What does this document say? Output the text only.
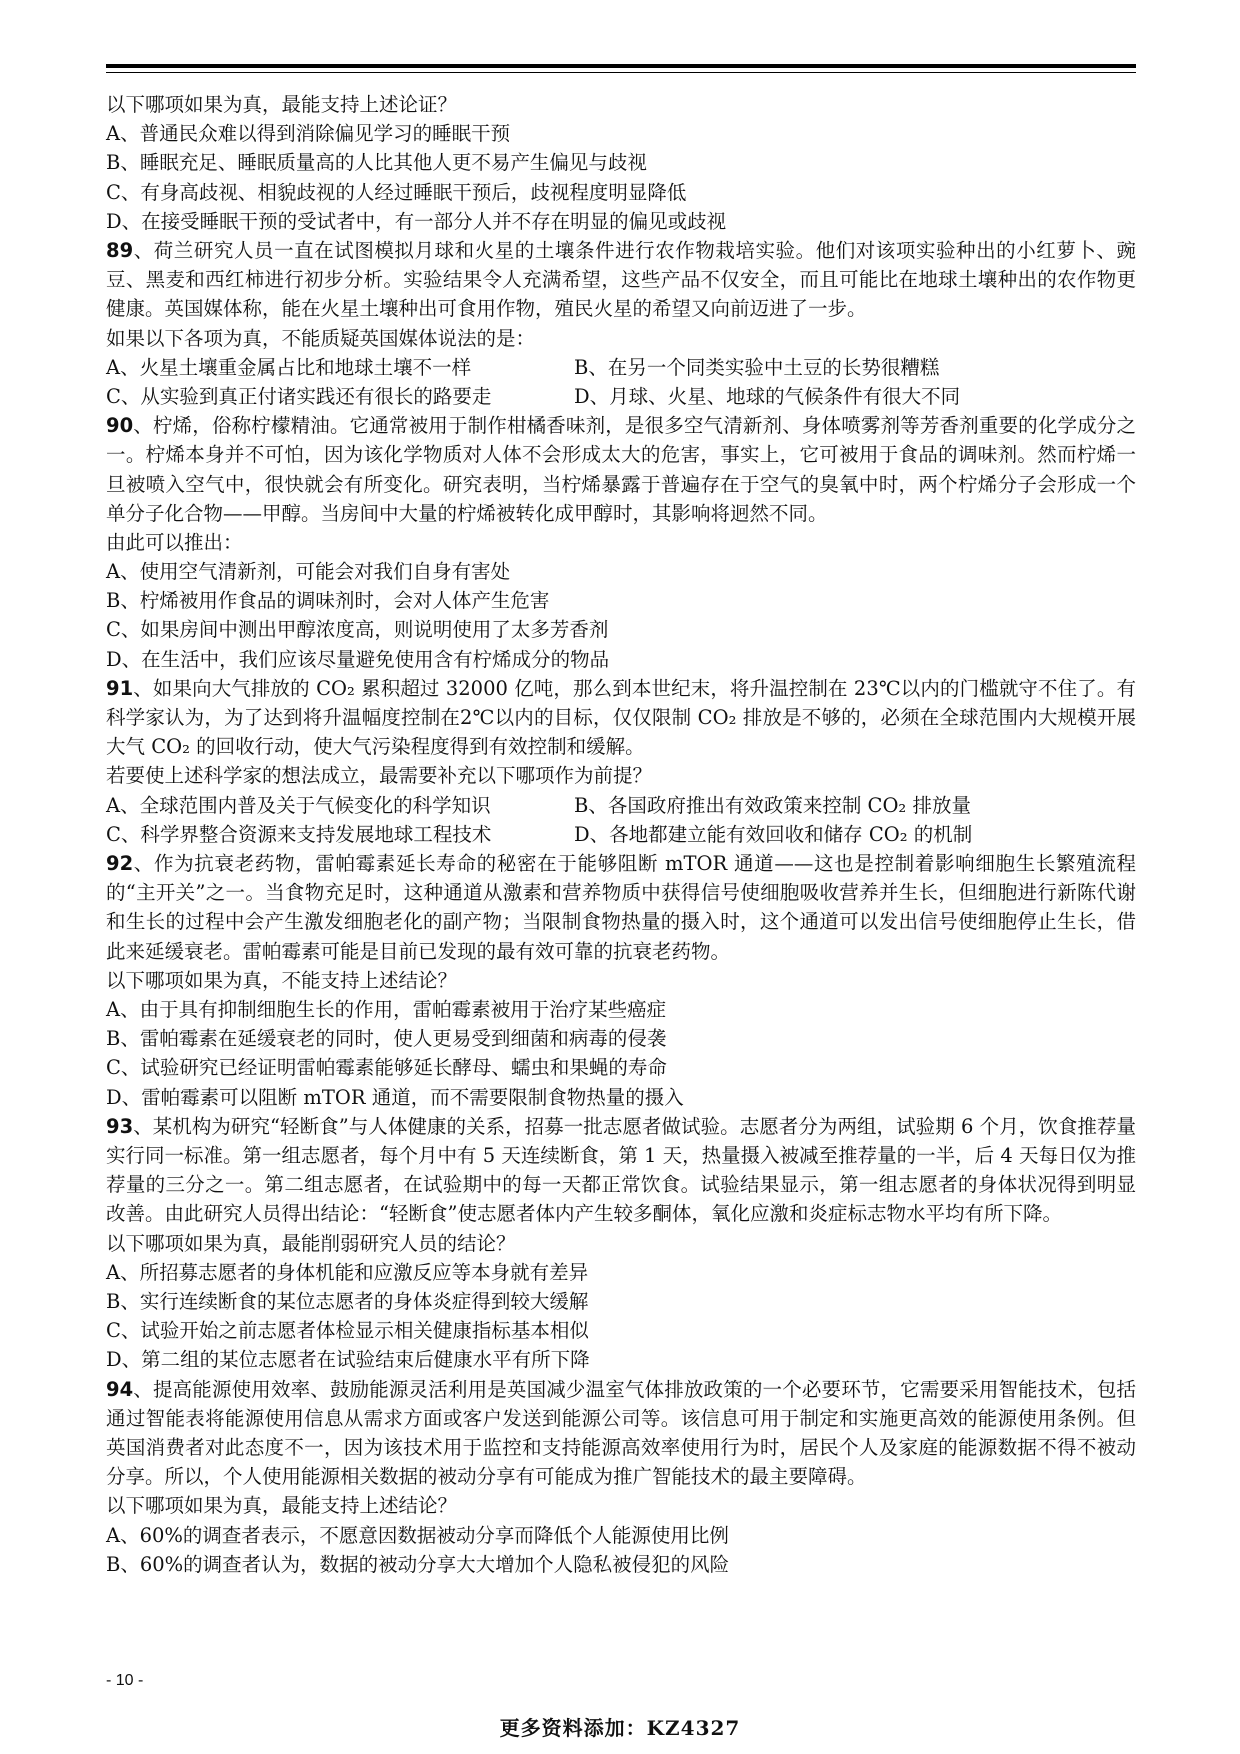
以下哪项如果为真，最能支持上述论证？
A、普通民众难以得到消除偏见学习的睡眠干预
B、睡眠充足、睡眠质量高的人比其他人更不易产生偏见与歧视
C、有身高歧视、相貌歧视的人经过睡眠干预后，歧视程度明显降低
D、在接受睡眠干预的受试者中，有一部分人并不存在明显的偏见或歧视
89、荷兰研究人员一直在试图模拟月球和火星的土壤条件进行农作物栽培实验。他们对该项实验种出的小红萝卜、豌豆、黑麦和西红柿进行初步分析。实验结果令人充满希望，这些产品不仅安全，而且可能比在地球土壤种出的农作物更健康。英国媒体称，能在火星土壤种出可食用作物，殖民火星的希望又向前迈进了一步。
如果以下各项为真，不能质疑英国媒体说法的是：
A、火星土壤重金属占比和地球土壤不一样	B、在另一个同类实验中土豆的长势很糟糕
C、从实验到真正付诸实践还有很长的路要走	D、月球、火星、地球的气候条件有很大不同
90、柠烯，俗称柠檬精油。它通常被用于制作柑橘香味剂，是很多空气清新剂、身体喷雾剂等芳香剂重要的化学成分之一。柠烯本身并不可怕，因为该化学物质对人体不会形成太大的危害，事实上，它可被用于食品的调味剂。然而柠烯一旦被喷入空气中，很快就会有所变化。研究表明，当柠烯暴露于普遍存在于空气的臭氧中时，两个柠烯分子会形成一个单分子化合物——甲醇。当房间中大量的柠烯被转化成甲醇时，其影响将迥然不同。
由此可以推出：
A、使用空气清新剂，可能会对我们自身有害处
B、柠烯被用作食品的调味剂时，会对人体产生危害
C、如果房间中测出甲醇浓度高，则说明使用了太多芳香剂
D、在生活中，我们应该尽量避免使用含有柠烯成分的物品
91、如果向大气排放的 CO₂ 累积超过 32000 亿吨，那么到本世纪末，将升温控制在 23℃以内的门槛就守不住了。有科学家认为，为了达到将升温幅度控制在2℃以内的目标，仅仅限制 CO₂ 排放是不够的，必须在全球范围内大规模开展大气 CO₂ 的回收行动，使大气污染程度得到有效控制和缓解。
若要使上述科学家的想法成立，最需要补充以下哪项作为前提？
A、全球范围内普及关于气候变化的科学知识	B、各国政府推出有效政策来控制 CO₂ 排放量
C、科学界整合资源来支持发展地球工程技术	D、各地都建立能有效回收和储存 CO₂ 的机制
92、作为抗衰老药物，雷帕霉素延长寿命的秘密在于能够阻断 mTOR 通道——这也是控制着影响细胞生长繁殖流程的“主开关”之一。当食物充足时，这种通道从激素和营养物质中获得信号使细胞吸收营养并生长，但细胞进行新陈代谢和生长的过程中会产生激发细胞老化的副产物；当限制食物热量的摄入时，这个通道可以发出信号使细胞停止生长，借此来延缓衰老。雷帕霉素可能是目前已发现的最有效可靠的抗衰老药物。
以下哪项如果为真，不能支持上述结论？
A、由于具有抑制细胞生长的作用，雷帕霉素被用于治疗某些癌症
B、雷帕霉素在延缓衰老的同时，使人更易受到细菌和病毒的侵袭
C、试验研究已经证明雷帕霉素能够延长酵母、蠕虫和果蝇的寿命
D、雷帕霉素可以阻断 mTOR 通道，而不需要限制食物热量的摄入
93、某机构为研究“轻断食”与人体健康的关系，招募一批志愿者做试验。志愿者分为两组，试验期 6 个月，饮食推荐量实行同一标准。第一组志愿者，每个月中有 5 天连续断食，第 1 天，热量摄入被减至推荐量的一半，后 4 天每日仅为推荐量的三分之一。第二组志愿者，在试验期中的每一天都正常饮食。试验结果显示，第一组志愿者的身体状况得到明显改善。由此研究人员得出结论：“轻断食”使志愿者体内产生较多酮体，氧化应激和炎症标志物水平均有所下降。
以下哪项如果为真，最能削弱研究人员的结论？
A、所招募志愿者的身体机能和应激反应等本身就有差异
B、实行连续断食的某位志愿者的身体炎症得到较大缓解
C、试验开始之前志愿者体检显示相关健康指标基本相似
D、第二组的某位志愿者在试验结束后健康水平有所下降
94、提高能源使用效率、鼓励能源灵活利用是英国减少温室气体排放政策的一个必要环节，它需要采用智能技术，包括通过智能表将能源使用信息从需求方面或客户发送到能源公司等。该信息可用于制定和实施更高效的能源使用条例。但英国消费者对此态度不一，因为该技术用于监控和支持能源高效率使用行为时，居民个人及家庭的能源数据不得不被动分享。所以，个人使用能源相关数据的被动分享有可能成为推广智能技术的最主要障碍。
以下哪项如果为真，最能支持上述结论？
A、60%的调查者表示，不愿意因数据被动分享而降低个人能源使用比例
B、60%的调查者认为，数据的被动分享大大增加个人隐私被侵犯的风险
- 10 -
更多资料添加：KZ4327
